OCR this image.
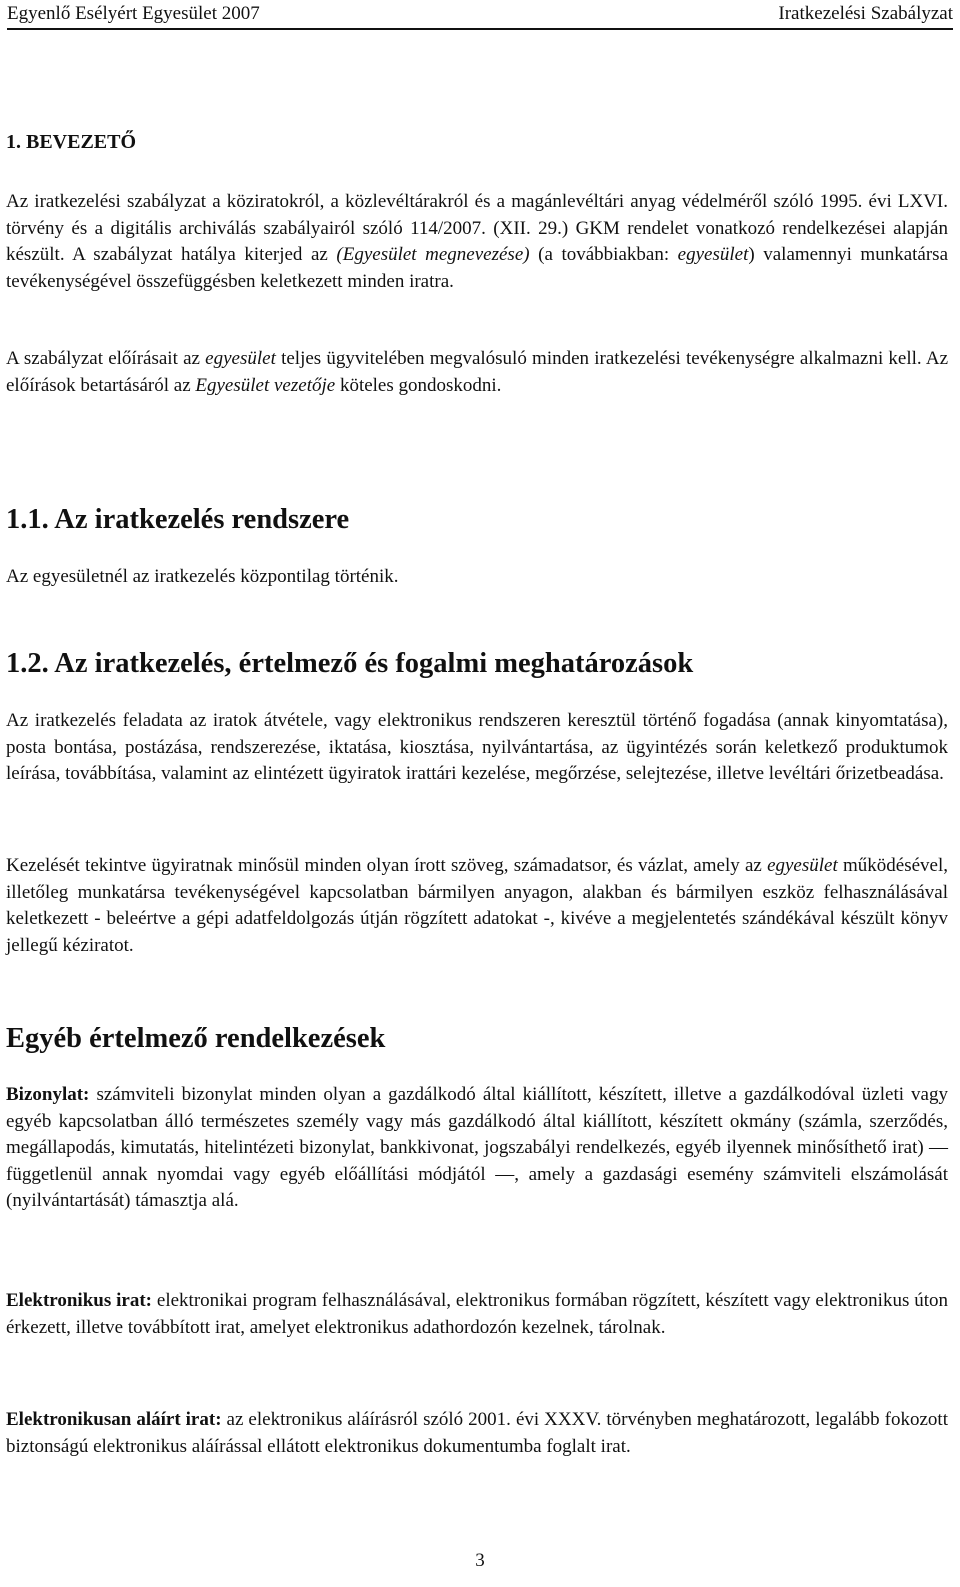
Egyenlő Esélyért Egyesület 2007	Iratkezelési Szabályzat
1. BEVEZETŐ

Az iratkezelési szabályzat a köziratokról, a közlevéltárakról és a magánlevéltári anyag védelméről szóló 1995. évi LXVI. törvény és a digitális archiválás szabályairól szóló 114/2007. (XII. 29.) GKM rendelet vonatkozó rendelkezései alapján készült. A szabályzat hatálya kiterjed az (Egyesület megnevezése) (a továbbiakban: egyesület) valamennyi munkatársa tevékenységével összefüggésben keletkezett minden iratra.

A szabályzat előírásait az egyesület teljes ügyvitelében megvalósuló minden iratkezelési tevékenységre alkalmazni kell. Az előírások betartásáról az Egyesület vezetője köteles gondoskodni.

1.1. Az iratkezelés rendszere

Az egyesületnél az iratkezelés központilag történik.

1.2. Az iratkezelés, értelmező és fogalmi meghatározások

Az iratkezelés feladata az iratok átvétele, vagy elektronikus rendszeren keresztül történő fogadása (annak kinyomtatása), posta bontása, postázása, rendszerezése, iktatása, kiosztása, nyilvántartása, az ügyintézés során keletkező produktumok leírása, továbbítása, valamint az elintézett ügyiratok irattári kezelése, megőrzése, selejtezése, illetve levéltári őrizetbeadása.

Kezelését tekintve ügyiratnak minősül minden olyan írott szöveg, számadatsor, és vázlat, amely az egyesület működésével, illetőleg munkatársa tevékenységével kapcsolatban bármilyen anyagon, alakban és bármilyen eszköz felhasználásával keletkezett - beleértve a gépi adatfeldolgozás útján rögzített adatokat -, kivéve a megjelentetés szándékával készült könyv jellegű kéziratot.

Egyéb értelmező rendelkezések

Bizonylat: számviteli bizonylat minden olyan a gazdálkodó által kiállított, készített, illetve a gazdálkodóval üzleti vagy egyéb kapcsolatban álló természetes személy vagy más gazdálkodó által kiállított, készített okmány (számla, szerződés, megállapodás, kimutatás, hitelintézeti bizonylat, bankkivonat, jogszabályi rendelkezés, egyéb ilyennek minősíthető irat) ― függetlenül annak nyomdai vagy egyéb előállítási módjától ―, amely a gazdasági esemény számviteli elszámolását (nyilvántartását) támasztja alá.

Elektronikus irat: elektronikai program felhasználásával, elektronikus formában rögzített, készített vagy elektronikus úton érkezett, illetve továbbított irat, amelyet elektronikus adathordozón kezelnek, tárolnak.

Elektronikusan aláírt irat: az elektronikus aláírásról szóló 2001. évi XXXV. törvényben meghatározott, legalább fokozott biztonságú elektronikus aláírással ellátott elektronikus dokumentumba foglalt irat.

3
